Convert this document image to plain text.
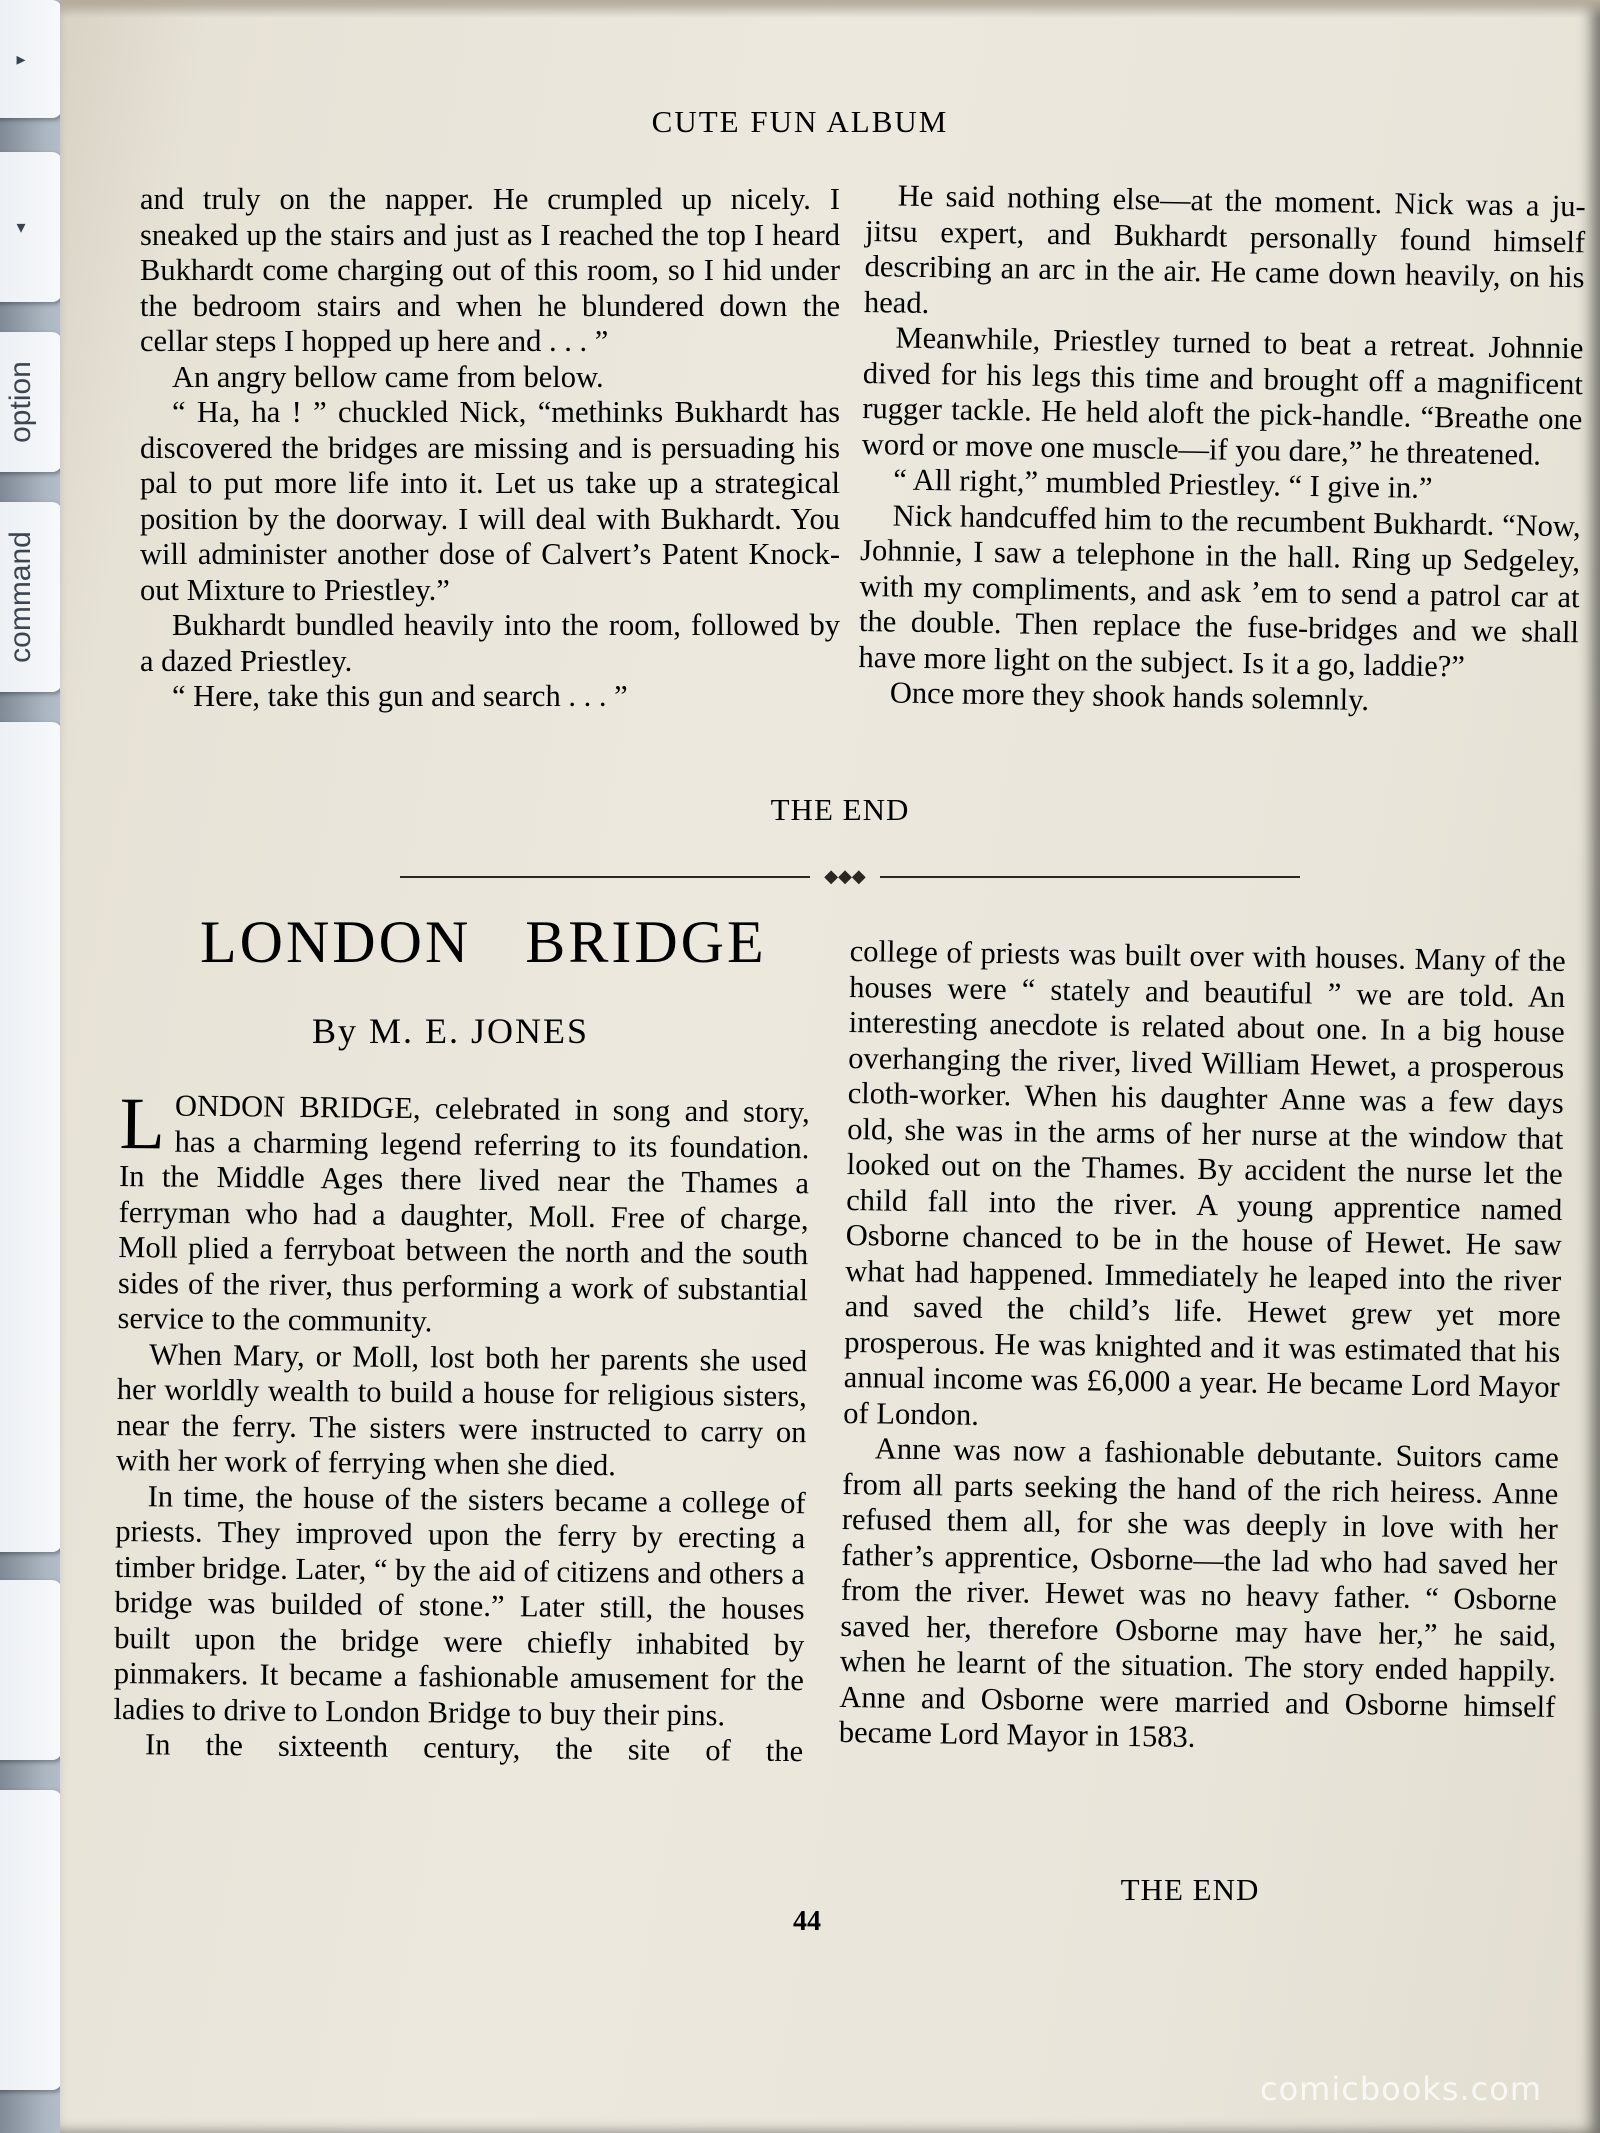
▸
▾
option
command
CUTE FUN ALBUM

and truly on the napper. He crumpled up nicely. I sneaked up the stairs and just as I reached the top I heard Bukhardt come charging out of this room, so I hid under the bedroom stairs and when he blundered down the cellar steps I hopped up here and . . . ”

An angry bellow came from below.

“ Ha, ha ! ” chuckled Nick, “methinks Bukhardt has discovered the bridges are missing and is persuading his pal to put more life into it. Let us take up a strategical position by the doorway. I will deal with Bukhardt. You will administer another dose of Calvert’s Patent Knock-out Mixture to Priestley.”

Bukhardt bundled heavily into the room, followed by a dazed Priestley.

“ Here, take this gun and search . . . ”

He said nothing else—at the moment. Nick was a ju-jitsu expert, and Bukhardt personally found himself describing an arc in the air. He came down heavily, on his head.

Meanwhile, Priestley turned to beat a retreat. Johnnie dived for his legs this time and brought off a magnificent rugger tackle. He held aloft the pick-handle. “Breathe one word or move one muscle—if you dare,” he threatened.

“ All right,” mumbled Priestley. “ I give in.”

Nick handcuffed him to the recumbent Bukhardt. “Now, Johnnie, I saw a telephone in the hall. Ring up Sedgeley, with my compliments, and ask ’em to send a patrol car at the double. Then replace the fuse-bridges and we shall have more light on the subject. Is it a go, laddie?”

Once more they shook hands solemnly.

THE END
◆◆◆
LONDON   BRIDGE
By M. E. JONES

LONDON BRIDGE, celebrated in song and story, has a charming legend referring to its foundation. In the Middle Ages there lived near the Thames a ferryman who had a daughter, Moll. Free of charge, Moll plied a ferryboat between the north and the south sides of the river, thus performing a work of substantial service to the community.

When Mary, or Moll, lost both her parents she used her worldly wealth to build a house for religious sisters, near the ferry. The sisters were instructed to carry on with her work of ferrying when she died.

In time, the house of the sisters became a college of priests. They improved upon the ferry by erecting a timber bridge. Later, “ by the aid of citizens and others a bridge was builded of stone.” Later still, the houses built upon the bridge were chiefly inhabited by pinmakers. It became a fashionable amusement for the ladies to drive to London Bridge to buy their pins.

In the sixteenth century, the site of the

college of priests was built over with houses. Many of the houses were “ stately and beautiful ” we are told. An interesting anecdote is related about one. In a big house overhanging the river, lived William Hewet, a prosperous cloth-worker. When his daughter Anne was a few days old, she was in the arms of her nurse at the window that looked out on the Thames. By accident the nurse let the child fall into the river. A young apprentice named Osborne chanced to be in the house of Hewet. He saw what had happened. Immediately he leaped into the river and saved the child’s life. Hewet grew yet more prosperous. He was knighted and it was estimated that his annual income was £6,000 a year. He became Lord Mayor of London.

Anne was now a fashionable debutante. Suitors came from all parts seeking the hand of the rich heiress. Anne refused them all, for she was deeply in love with her father’s apprentice, Osborne—the lad who had saved her from the river. Hewet was no heavy father. “ Osborne saved her, therefore Osborne may have her,” he said, when he learnt of the situation. The story ended happily. Anne and Osborne were married and Osborne himself became Lord Mayor in 1583.

THE END
44
comicbooks.com
